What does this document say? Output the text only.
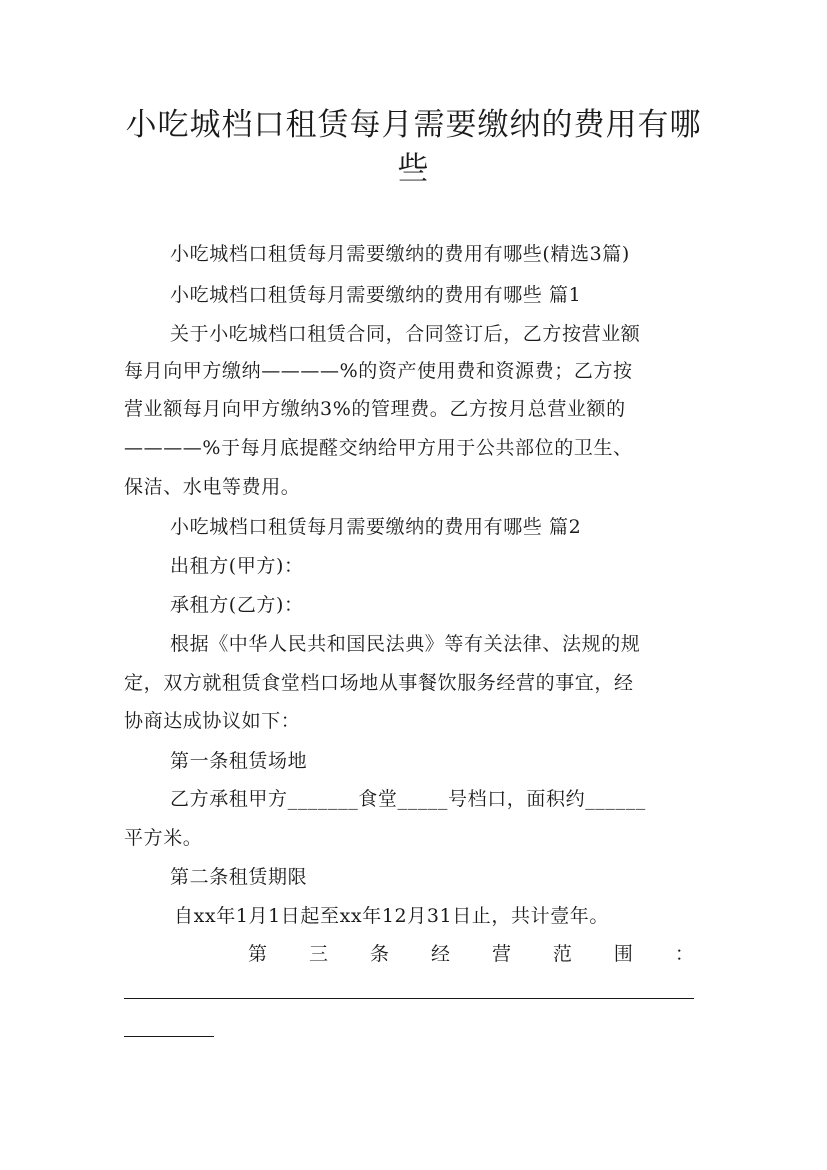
小吃城档口租赁每月需要缴纳的费用有哪
些
小吃城档口租赁每月需要缴纳的费用有哪些(精选3篇)
小吃城档口租赁每月需要缴纳的费用有哪些 篇1
关于小吃城档口租赁合同，合同签订后，乙方按营业额
每月向甲方缴纳————%的资产使用费和资源费；乙方按
营业额每月向甲方缴纳3%的管理费。乙方按月总营业额的
————%于每月底提醛交纳给甲方用于公共部位的卫生、
保洁、水电等费用。
小吃城档口租赁每月需要缴纳的费用有哪些 篇2
出租方(甲方)：
承租方(乙方)：
根据《中华人民共和国民法典》等有关法律、法规的规
定，双方就租赁食堂档口场地从事餐饮服务经营的事宜，经
协商达成协议如下：
第一条租赁场地
乙方承租甲方_______食堂_____号档口，面积约______
平方米。
第二条租赁期限
自xx年1月1日起至xx年12月31日止，共计壹年。
第 三 条 经 营 范 围 ：
